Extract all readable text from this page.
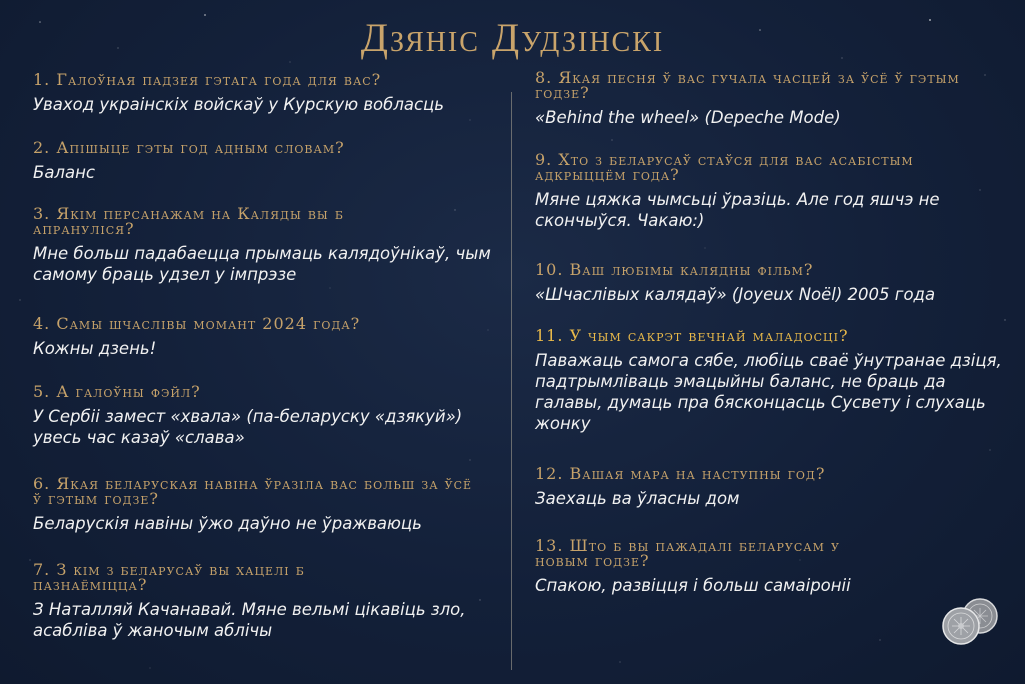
Дзяніс Дудзінскі
1. Галоўная падзея гэтага года для вас?
Уваход украінскіх войскаў у Курскую вобласць
2. Апішыце гэты год адным словам?
Баланс
3. Якім персанажам на Каляды вы б апрануліся?
Мне больш падабаецца прымаць калядоўнікаў, чым самому браць удзел у імпрэзе
4. Самы шчаслівы момант 2024 года?
Кожны дзень!
5. А галоўны фэйл?
У Сербіі замест «хвала» (па-беларуску «дзякуй») увесь час казаў «слава»
6. Якая беларуская навіна ўразіла вас больш за ўсё ў гэтым годзе?
Беларускія навіны ўжо даўно не ўражваюць
7. З кім з беларусаў вы хацелі б пазнаёміцца?
З Наталляй Качанавай. Мяне вельмі цікавіць зло, асабліва ў жаночым аблічы
8. Якая песня ў вас гучала часцей за ўсё ў гэтым годзе?
«Behind the wheel» (Depeche Mode)
9. Хто з беларусаў стаўся для вас асабістым адкрыццём года?
Мяне цяжка чымсьці ўразіць. Але год яшчэ не скончыўся. Чакаю:)
10. Ваш любімы калядны фільм?
«Шчаслівых калядаў» (Joyeux Noël) 2005 года
11. У чым сакрэт вечнай маладосці?
Паважаць самога сябе, любіць сваё ўнутранае дзіця, падтрымліваць эмацыйны баланс, не браць да галавы, думаць пра бясконцасць Сусвету і слухаць жонку
12. Вашая мара на наступны год?
Заехаць ва ўласны дом
13. Што б вы пажадалі беларусам у новым годзе?
Спакою, развіцця і больш самаіроніі
